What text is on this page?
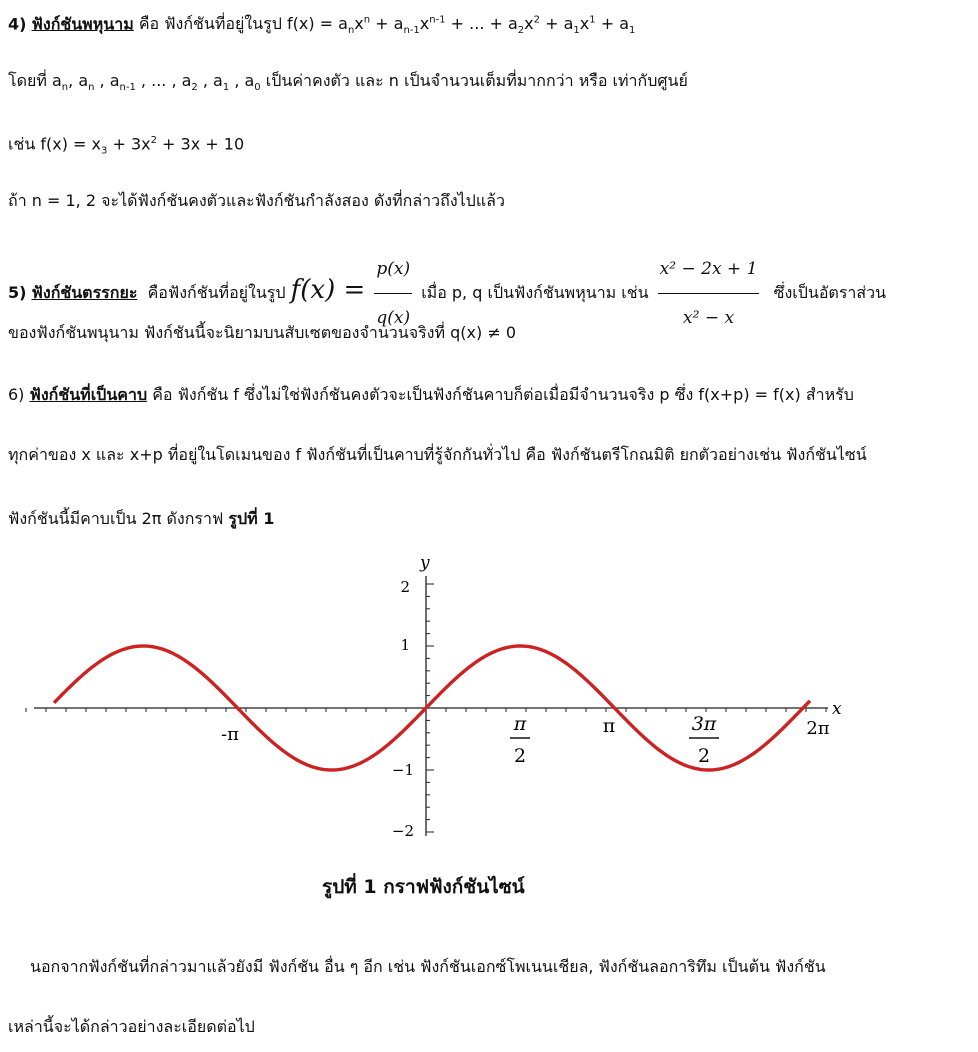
4) ฟังก์ชันพหุนาม คือ ฟังก์ชันที่อยู่ในรูป $f(x) = a_nx^n + a_{n-1}x^{n-1}$ + ... + $a_2x^2 + a_1x^1 + a_1$
โดยที่ $a_n$, $a_n$ , $a_{n-1}$ , ... , $a_2$ , $a_1$ , $a_0$ เป็นค่าคงตัว และ n เป็นจำนวนเต็มที่มากกว่า หรือ เท่ากับศูนย์
เช่น $f(x) = x_3 + 3x^2 + 3x + 10$
ถ้า n = 1, 2 จะได้ฟังก์ชันคงตัวและฟังก์ชันกำลังสอง ดังที่กล่าวถึงไปแล้ว
5) ฟังก์ชันตรรกยะ คือฟังก์ชันที่อยู่ในรูป $f(x) = \frac{p(x)}{q(x)}$ เมื่อ p, q เป็นฟังก์ชันพหุนาม เช่น $\frac{\text{x² − 2x + 1}}{\text{x² − x}}$ ซึ่งเป็นอัตราส่วน
ของฟังก์ชันพนุนาม ฟังก์ชันนี้จะนิยามบนสับเซตของจำนวนจริงที่ q(x) ≠ 0
6) ฟังก์ชันที่เป็นคาบ คือ ฟังก์ชัน f ซึ่งไม่ใช่ฟังก์ชันคงตัวจะเป็นฟังก์ชันคาบก็ต่อเมื่อมีจำนวนจริง p ซึ่ง f(x+p) = f(x) สำหรับ
ทุกค่าของ x และ x+p ที่อยู่ในโดเมนของ f ฟังก์ชันที่เป็นคาบที่รู้จักกันทั่วไป คือ ฟังก์ชันตรีโกณมิติ ยกตัวอย่างเช่น ฟังก์ชันไซน์
ฟังก์ชันนี้มีคาบเป็น 2π ดังกราฟ รูปที่ 1
y
x
2
1
−1
−2
-π	π
2
π	3π
2
2π
รูปที่ 1 กราฟฟังก์ชันไซน์
นอกจากฟังก์ชันที่กล่าวมาแล้วยังมี ฟังก์ชัน อื่น ๆ อีก เช่น ฟังก์ชันเอกซ์โพเนนเชียล, ฟังก์ชันลอการิทึม เป็นต้น ฟังก์ชัน
เหล่านี้จะได้กล่าวอย่างละเอียดต่อไป
